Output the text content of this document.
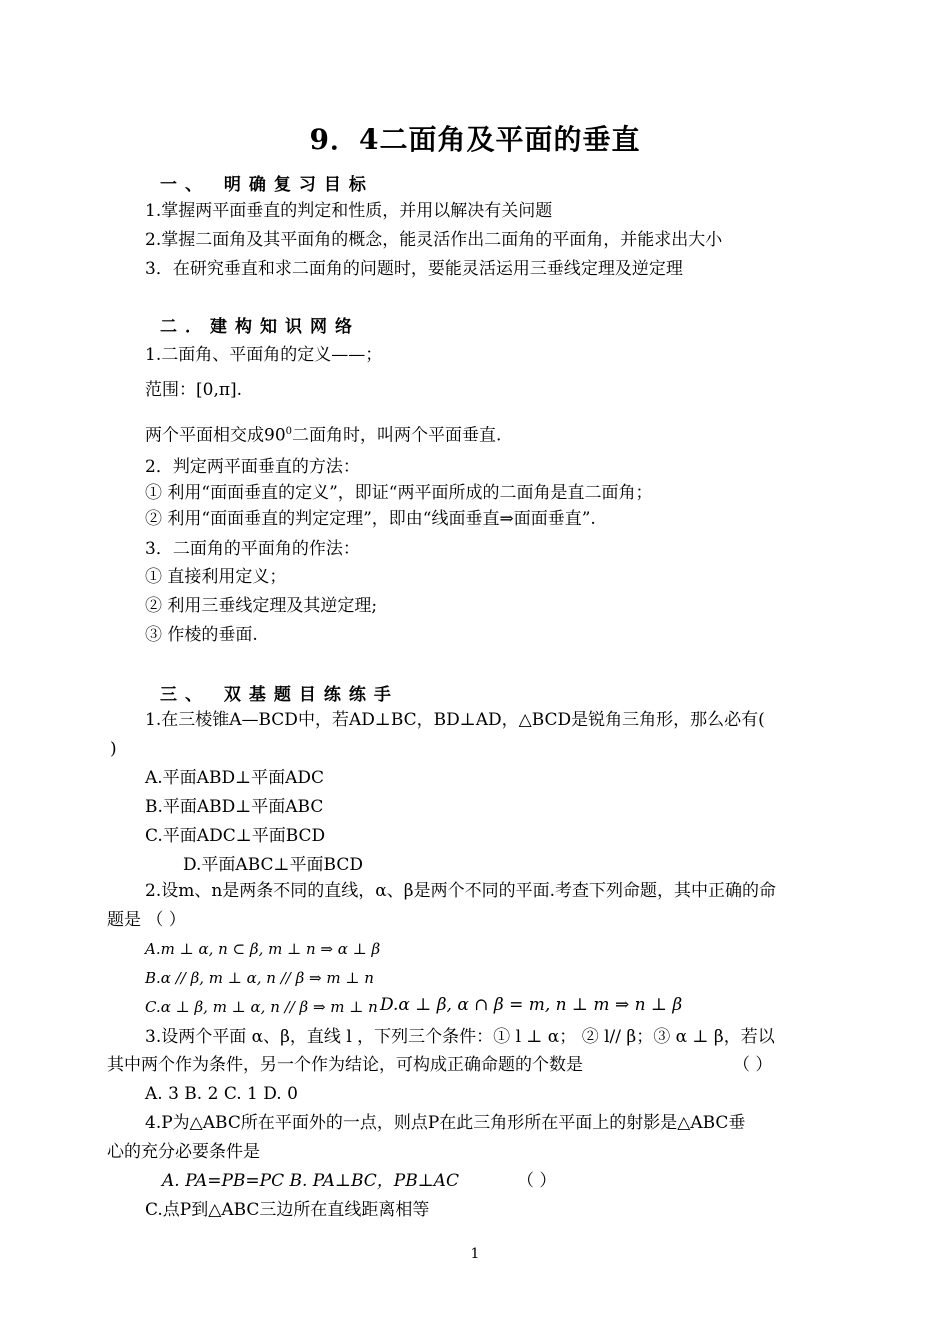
9．4二面角及平面的垂直
一、 明确复习目标
1.掌握两平面垂直的判定和性质，并用以解决有关问题
2.掌握二面角及其平面角的概念，能灵活作出二面角的平面角，并能求出大小
3．在研究垂直和求二面角的问题时，要能灵活运用三垂线定理及逆定理
二．建构知识网络
1.二面角、平面角的定义——；
范围：[0,π].
两个平面相交成$90^0$二面角时，叫两个平面垂直.
2．判定两平面垂直的方法：
① 利用“面面垂直的定义”，即证“两平面所成的二面角是直二面角；
② 利用“面面垂直的判定定理”，即由“线面垂直⇒面面垂直”.
3．二面角的平面角的作法：
① 直接利用定义；
② 利用三垂线定理及其逆定理;
③ 作棱的垂面.
三、 双基题目练练手
1.在三棱锥A—BCD中，若AD⊥BC，BD⊥AD，△BCD是锐角三角形，那么必有(
)
A.平面ABD⊥平面ADC
B.平面ABD⊥平面ABC
C.平面ADC⊥平面BCD
D.平面ABC⊥平面BCD
2.设m、n是两条不同的直线，α、β是两个不同的平面.考查下列命题，其中正确的命
题是 （ ）
A.m ⊥ α, n ⊂ β, m ⊥ n ⇒ α ⊥ β
B.α // β, m ⊥ α, n // β ⇒ m ⊥ n
C.α ⊥ β, m ⊥ α, n // β ⇒ m ⊥ n D.α ⊥ β, α ∩ β = m, n ⊥ m ⇒ n ⊥ β
3.设两个平面 α、β，直线 l ，下列三个条件：① l ⊥ α； ② l// β；③ α ⊥ β，若以
其中两个作为条件，另一个作为结论，可构成正确命题的个数是	（ ）
A. 3 B. 2 C. 1 D. 0
4.P为△ABC所在平面外的一点，则点P在此三角形所在平面上的射影是△ABC垂
心的充分必要条件是
A. PA=PB=PC B. PA⊥BC，PB⊥AC	（ ）
C.点P到△ABC三边所在直线距离相等
1
